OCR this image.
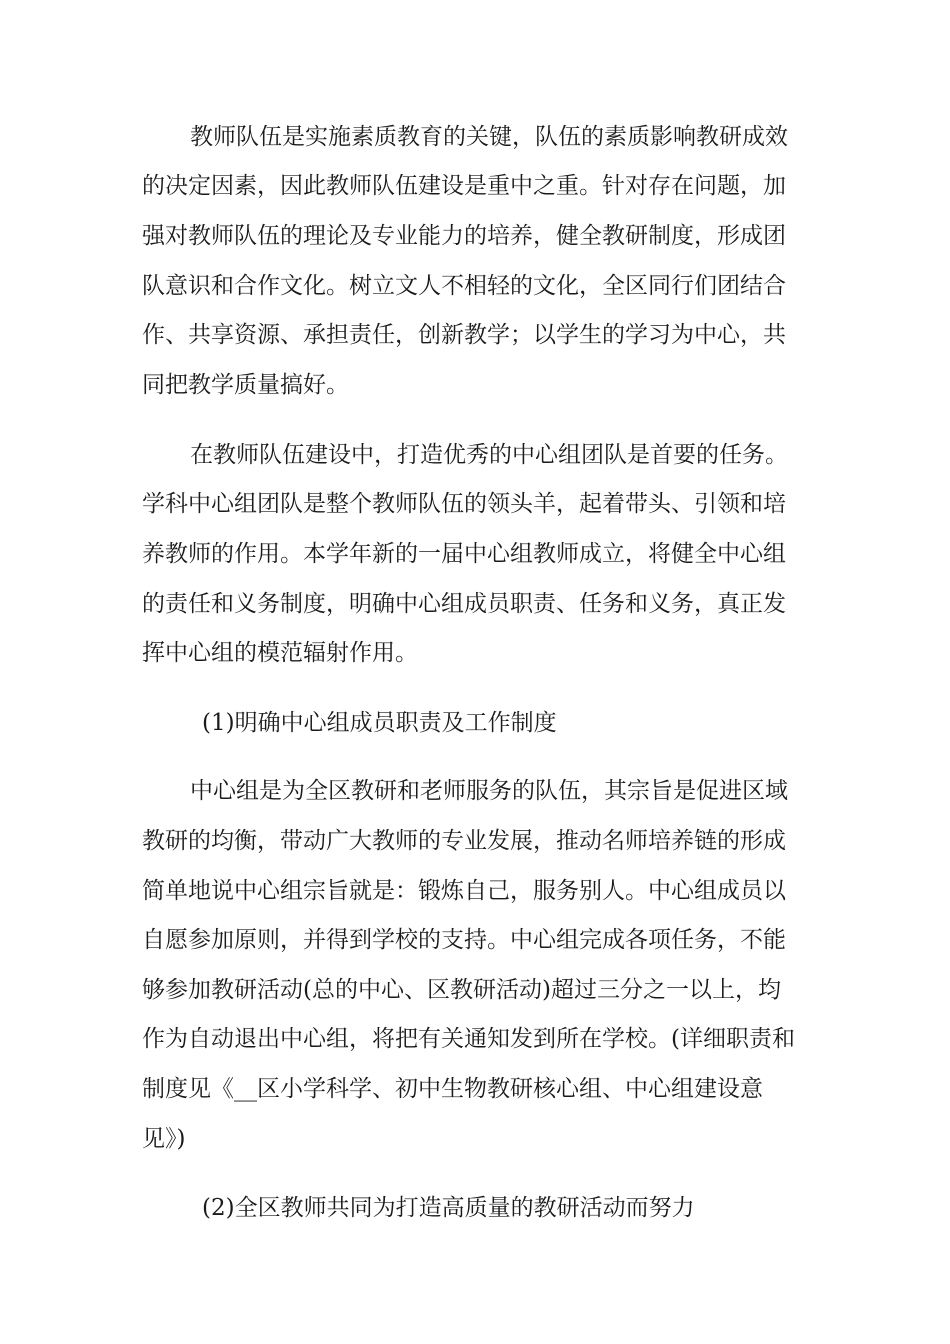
教师队伍是实施素质教育的关键，队伍的素质影响教研成效
的决定因素，因此教师队伍建设是重中之重。针对存在问题，加
强对教师队伍的理论及专业能力的培养，健全教研制度，形成团
队意识和合作文化。树立文人不相轻的文化，全区同行们团结合
作、共享资源、承担责任，创新教学；以学生的学习为中心，共
同把教学质量搞好。
在教师队伍建设中，打造优秀的中心组团队是首要的任务。
学科中心组团队是整个教师队伍的领头羊，起着带头、引领和培
养教师的作用。本学年新的一届中心组教师成立，将健全中心组
的责任和义务制度，明确中心组成员职责、任务和义务，真正发
挥中心组的模范辐射作用。
(1)明确中心组成员职责及工作制度
中心组是为全区教研和老师服务的队伍，其宗旨是促进区域
教研的均衡，带动广大教师的专业发展，推动名师培养链的形成
简单地说中心组宗旨就是：锻炼自己，服务别人。中心组成员以
自愿参加原则，并得到学校的支持。中心组完成各项任务，不能
够参加教研活动(总的中心、区教研活动)超过三分之一以上，均
作为自动退出中心组，将把有关通知发到所在学校。(详细职责和
制度见《__区小学科学、初中生物教研核心组、中心组建设意
见》)
(2)全区教师共同为打造高质量的教研活动而努力
